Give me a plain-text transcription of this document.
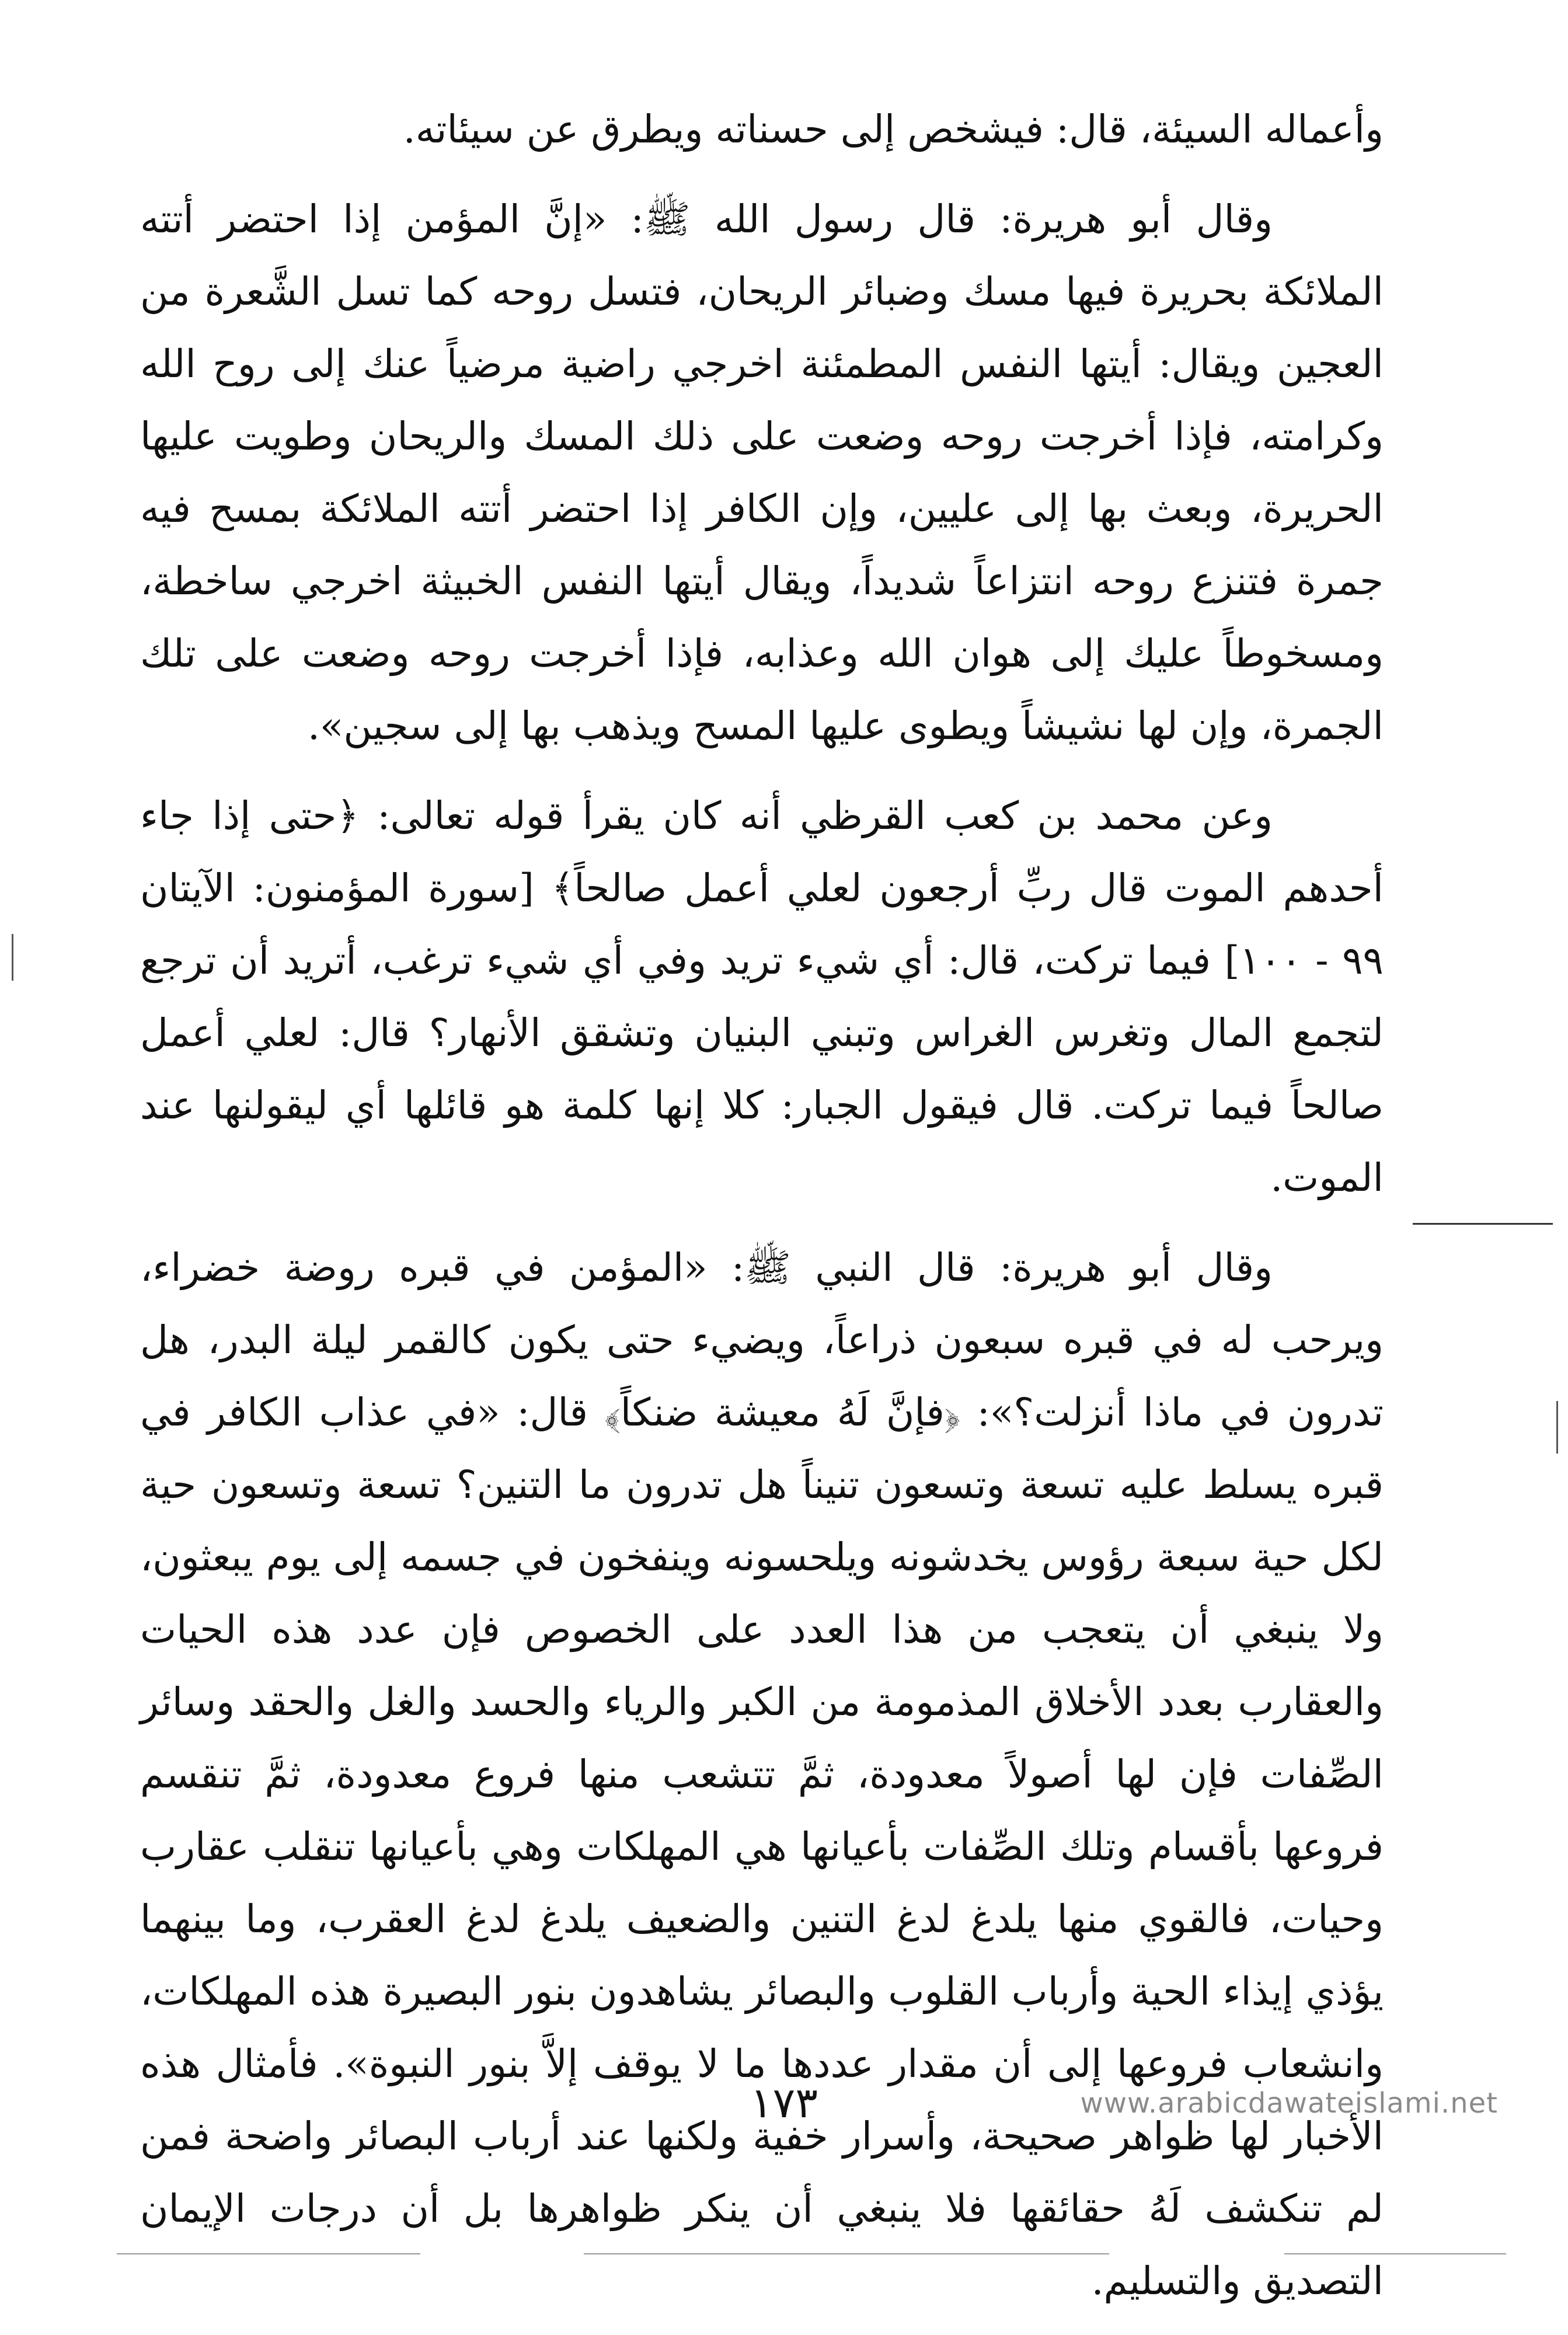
وأعماله السيئة، قال: فيشخص إلى حسناته ويطرق عن سيئاته.

وقال أبو هريرة: قال رسول الله ﷺ: «إنَّ المؤمن إذا احتضر أتته الملائكة بحريرة فيها مسك وضبائر الريحان، فتسل روحه كما تسل الشَّعرة من العجين ويقال: أيتها النفس المطمئنة اخرجي راضية مرضياً عنك إلى روح الله وكرامته، فإذا أخرجت روحه وضعت على ذلك المسك والريحان وطويت عليها الحريرة، وبعث بها إلى عليين، وإن الكافر إذا احتضر أتته الملائكة بمسح فيه جمرة فتنزع روحه انتزاعاً شديداً، ويقال أيتها النفس الخبيثة اخرجي ساخطة، ومسخوطاً عليك إلى هوان الله وعذابه، فإذا أخرجت روحه وضعت على تلك الجمرة، وإن لها نشيشاً ويطوى عليها المسح ويذهب بها إلى سجين».

وعن محمد بن كعب القرظي أنه كان يقرأ قوله تعالى: ﴿حتى إذا جاء أحدهم الموت قال ربِّ أرجعون لعلي أعمل صالحاً﴾ [سورة المؤمنون: الآيتان ٩٩ - ١٠٠] فيما تركت، قال: أي شيء تريد وفي أي شيء ترغب، أتريد أن ترجع لتجمع المال وتغرس الغراس وتبني البنيان وتشقق الأنهار؟ قال: لعلي أعمل صالحاً فيما تركت. قال فيقول الجبار: كلا إنها كلمة هو قائلها أي ليقولنها عند الموت.

وقال أبو هريرة: قال النبي ﷺ: «المؤمن في قبره روضة خضراء، ويرحب له في قبره سبعون ذراعاً، ويضيء حتى يكون كالقمر ليلة البدر، هل تدرون في ماذا أنزلت؟»: ﴿فإنَّ لَهُ معيشة ضنكاً﴾ قال: «في عذاب الكافر في قبره يسلط عليه تسعة وتسعون تنيناً هل تدرون ما التنين؟ تسعة وتسعون حية لكل حية سبعة رؤوس يخدشونه ويلحسونه وينفخون في جسمه إلى يوم يبعثون، ولا ينبغي أن يتعجب من هذا العدد على الخصوص فإن عدد هذه الحيات والعقارب بعدد الأخلاق المذمومة من الكبر والرياء والحسد والغل والحقد وسائر الصِّفات فإن لها أصولاً معدودة، ثمَّ تتشعب منها فروع معدودة، ثمَّ تنقسم فروعها بأقسام وتلك الصِّفات بأعيانها هي المهلكات وهي بأعيانها تنقلب عقارب وحيات، فالقوي منها يلدغ لدغ التنين والضعيف يلدغ لدغ العقرب، وما بينهما يؤذي إيذاء الحية وأرباب القلوب والبصائر يشاهدون بنور البصيرة هذه المهلكات، وانشعاب فروعها إلى أن مقدار عددها ما لا يوقف إلاَّ بنور النبوة». فأمثال هذه الأخبار لها ظواهر صحيحة، وأسرار خفية ولكنها عند أرباب البصائر واضحة فمن لم تنكشف لَهُ حقائقها فلا ينبغي أن ينكر ظواهرها بل أن درجات الإيمان التصديق والتسليم.

١٧٣	www.arabicdawateislami.net
